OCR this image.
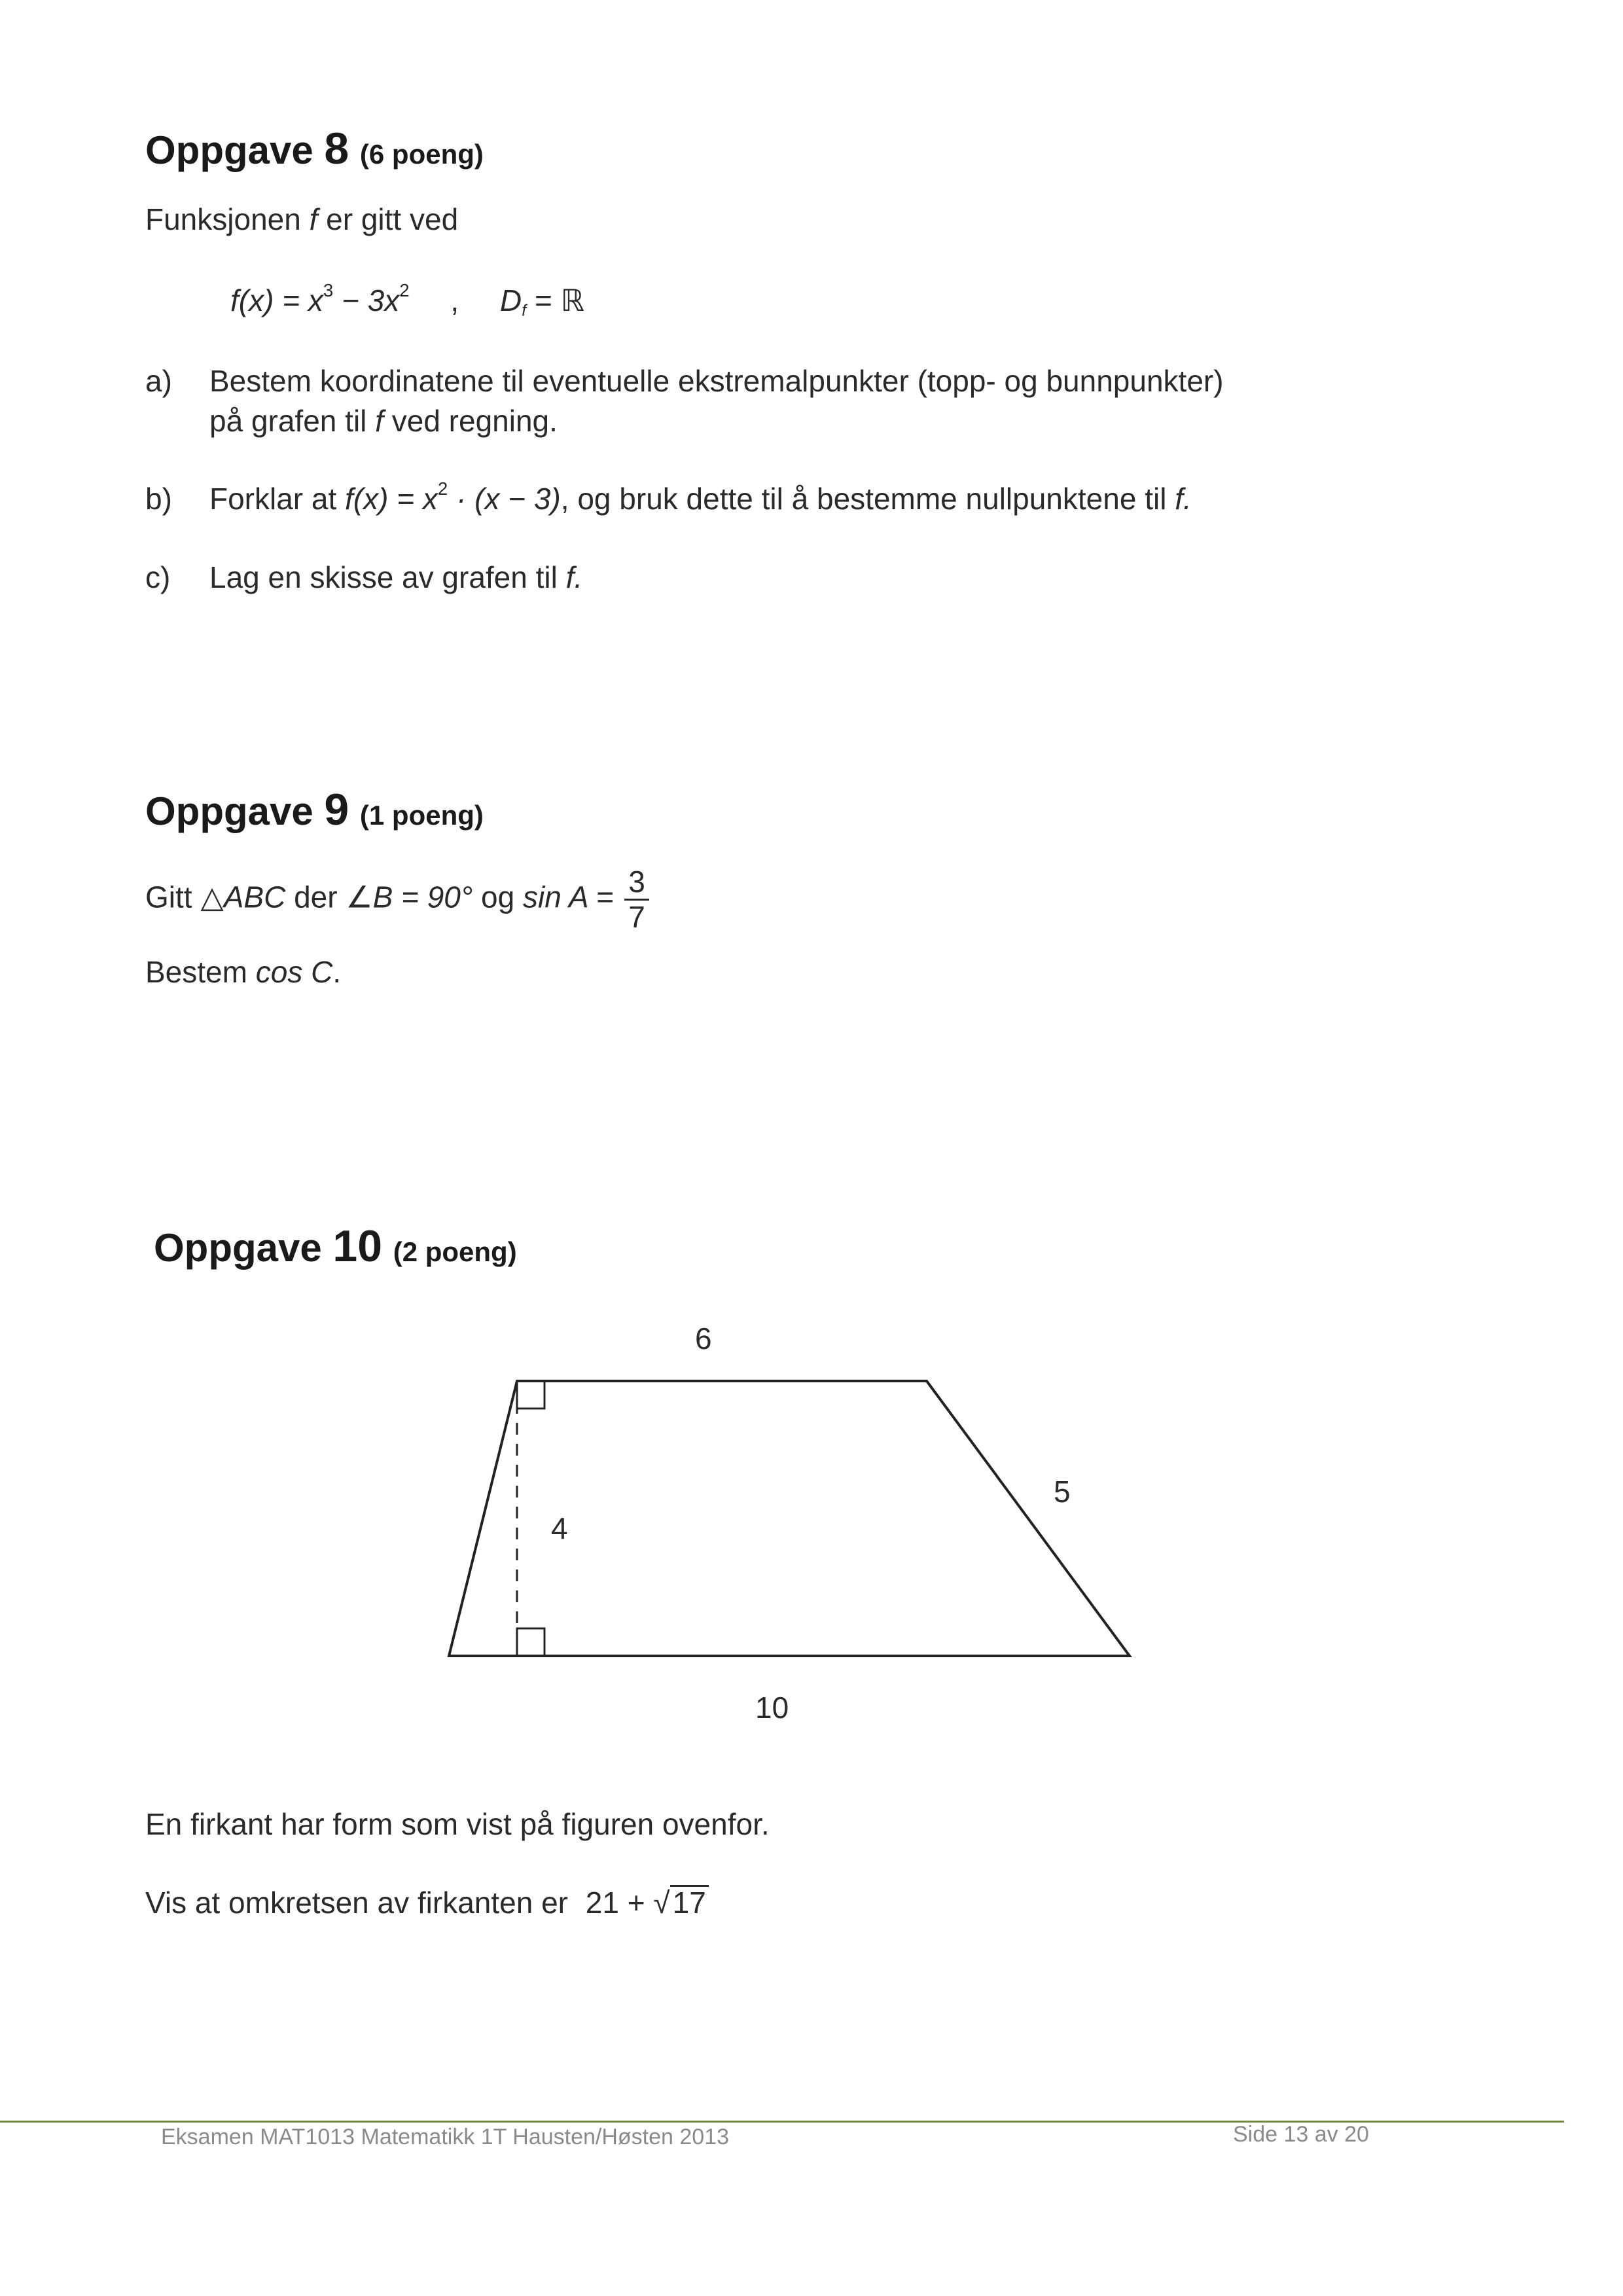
Oppgave 8 (6 poeng)
Funksjonen f er gitt ved
$f(x) = x^3 - 3x^2$ , $D_f$ = ℝ
a) Bestem koordinatene til eventuelle ekstremalpunkter (topp- og bunnpunkter)
på grafen til f ved regning.
b) Forklar at $f(x) = x^2 \cdot (x - 3)$, og bruk dette til å bestemme nullpunktene til f.
c) Lag en skisse av grafen til f.
Oppgave 9 (1 poeng)
Gitt △ABC der ∠B = 90° og $\sin A = \frac{3}{7}$
Bestem cos C.
Oppgave 10 (2 poeng)
6
4
5
10
En firkant har form som vist på figuren ovenfor.
Vis at omkretsen av firkanten er 21 + √17
Eksamen MAT1013 Matematikk 1T Hausten/Høsten 2013	Side 13 av 20
